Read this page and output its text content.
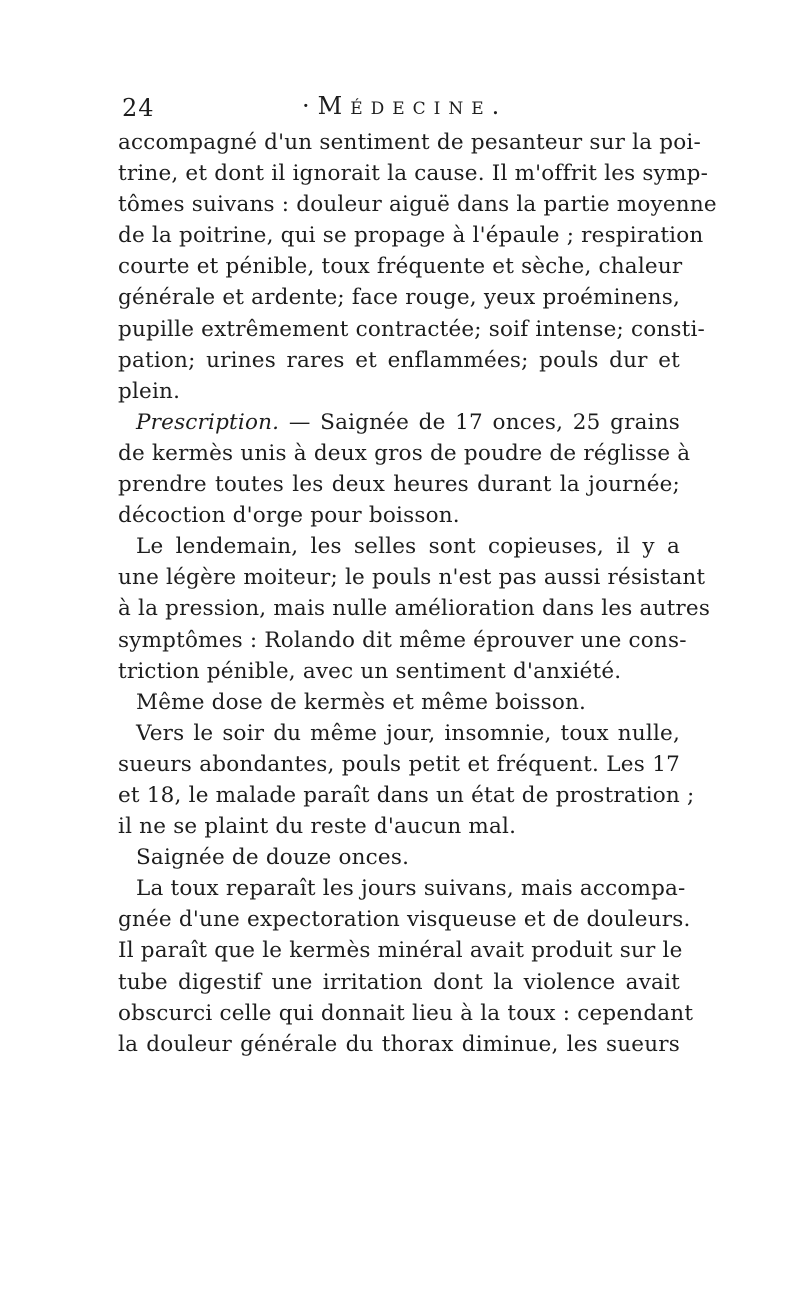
24	·Médecine.
accompagné d'un sentiment de pesanteur sur la poi-
trine, et dont il ignorait la cause. Il m'offrit les symp-
tômes suivans : douleur aiguë dans la partie moyenne
de la poitrine, qui se propage à l'épaule ; respiration
courte et pénible, toux fréquente et sèche, chaleur
générale et ardente; face rouge, yeux proéminens,
pupille extrêmement contractée; soif intense; consti-
pation; urines rares et enflammées; pouls dur et
plein.
Prescription. — Saignée de 17 onces, 25 grains
de kermès unis à deux gros de poudre de réglisse à
prendre toutes les deux heures durant la journée;
décoction d'orge pour boisson.
Le lendemain, les selles sont copieuses, il y a
une légère moiteur; le pouls n'est pas aussi résistant
à la pression, mais nulle amélioration dans les autres
symptômes : Rolando dit même éprouver une cons-
triction pénible, avec un sentiment d'anxiété.
Même dose de kermès et même boisson.
Vers le soir du même jour, insomnie, toux nulle,
sueurs abondantes, pouls petit et fréquent. Les 17
et 18, le malade paraît dans un état de prostration ;
il ne se plaint du reste d'aucun mal.
Saignée de douze onces.
La toux reparaît les jours suivans, mais accompa-
gnée d'une expectoration visqueuse et de douleurs.
Il paraît que le kermès minéral avait produit sur le
tube digestif une irritation dont la violence avait
obscurci celle qui donnait lieu à la toux : cependant
la douleur générale du thorax diminue, les sueurs
